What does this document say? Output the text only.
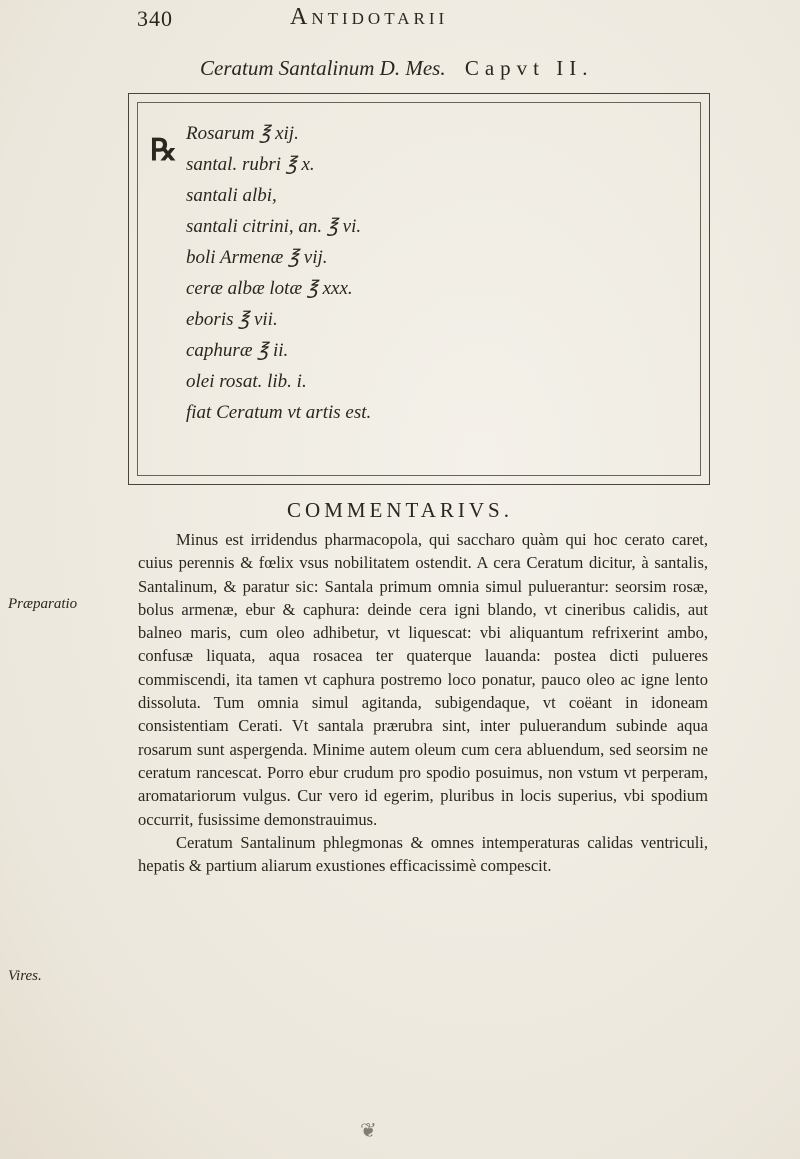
340	Antidotarii
Ceratum Santalinum D. Mes. Capvt II.
℞
Rosarum ℥ xij.
santal. rubri ℥ x.
santali albi,
santali citrini, an. ℥ vi.
boli Armenæ ℥ vij.
ceræ albæ lotæ ℥ xxx.
eboris ℥ vii.
caphuræ ℥ ii.
olei rosat. lib. i.
fiat Ceratum vt artis est.
COMMENTARIVS.

Minus est irridendus pharmacopola, qui saccharo quàm qui hoc cerato caret, cuius perennis & fœlix vsus nobilitatem ostendit. A cera Ceratum dicitur, à santalis, Santalinum, & paratur sic: Santala primum omnia simul puluerantur: seorsim rosæ, bolus armenæ, ebur & caphura: deinde cera igni blando, vt cineribus calidis, aut balneo maris, cum oleo adhibetur, vt liquescat: vbi aliquantum refrixerint ambo, confusæ liquata, aqua rosacea ter quaterque lauanda: postea dicti pulueres commiscendi, ita tamen vt caphura postremo loco ponatur, pauco oleo ac igne lento dissoluta. Tum omnia simul agitanda, subigendaque, vt coëant in idoneam consistentiam Cerati. Vt santala prærubra sint, inter puluerandum subinde aqua rosarum sunt aspergenda. Minime autem oleum cum cera abluendum, sed seorsim ne ceratum rancescat. Porro ebur crudum pro spodio posuimus, non vstum vt perperam, aromatariorum vulgus. Cur vero id egerim, pluribus in locis superius, vbi spodium occurrit, fusissime demonstrauimus.

Ceratum Santalinum phlegmonas & omnes intemperaturas calidas ventriculi, hepatis & partium aliarum exustiones efficacissimè compescit.

Præparatio
Vires.
❦
